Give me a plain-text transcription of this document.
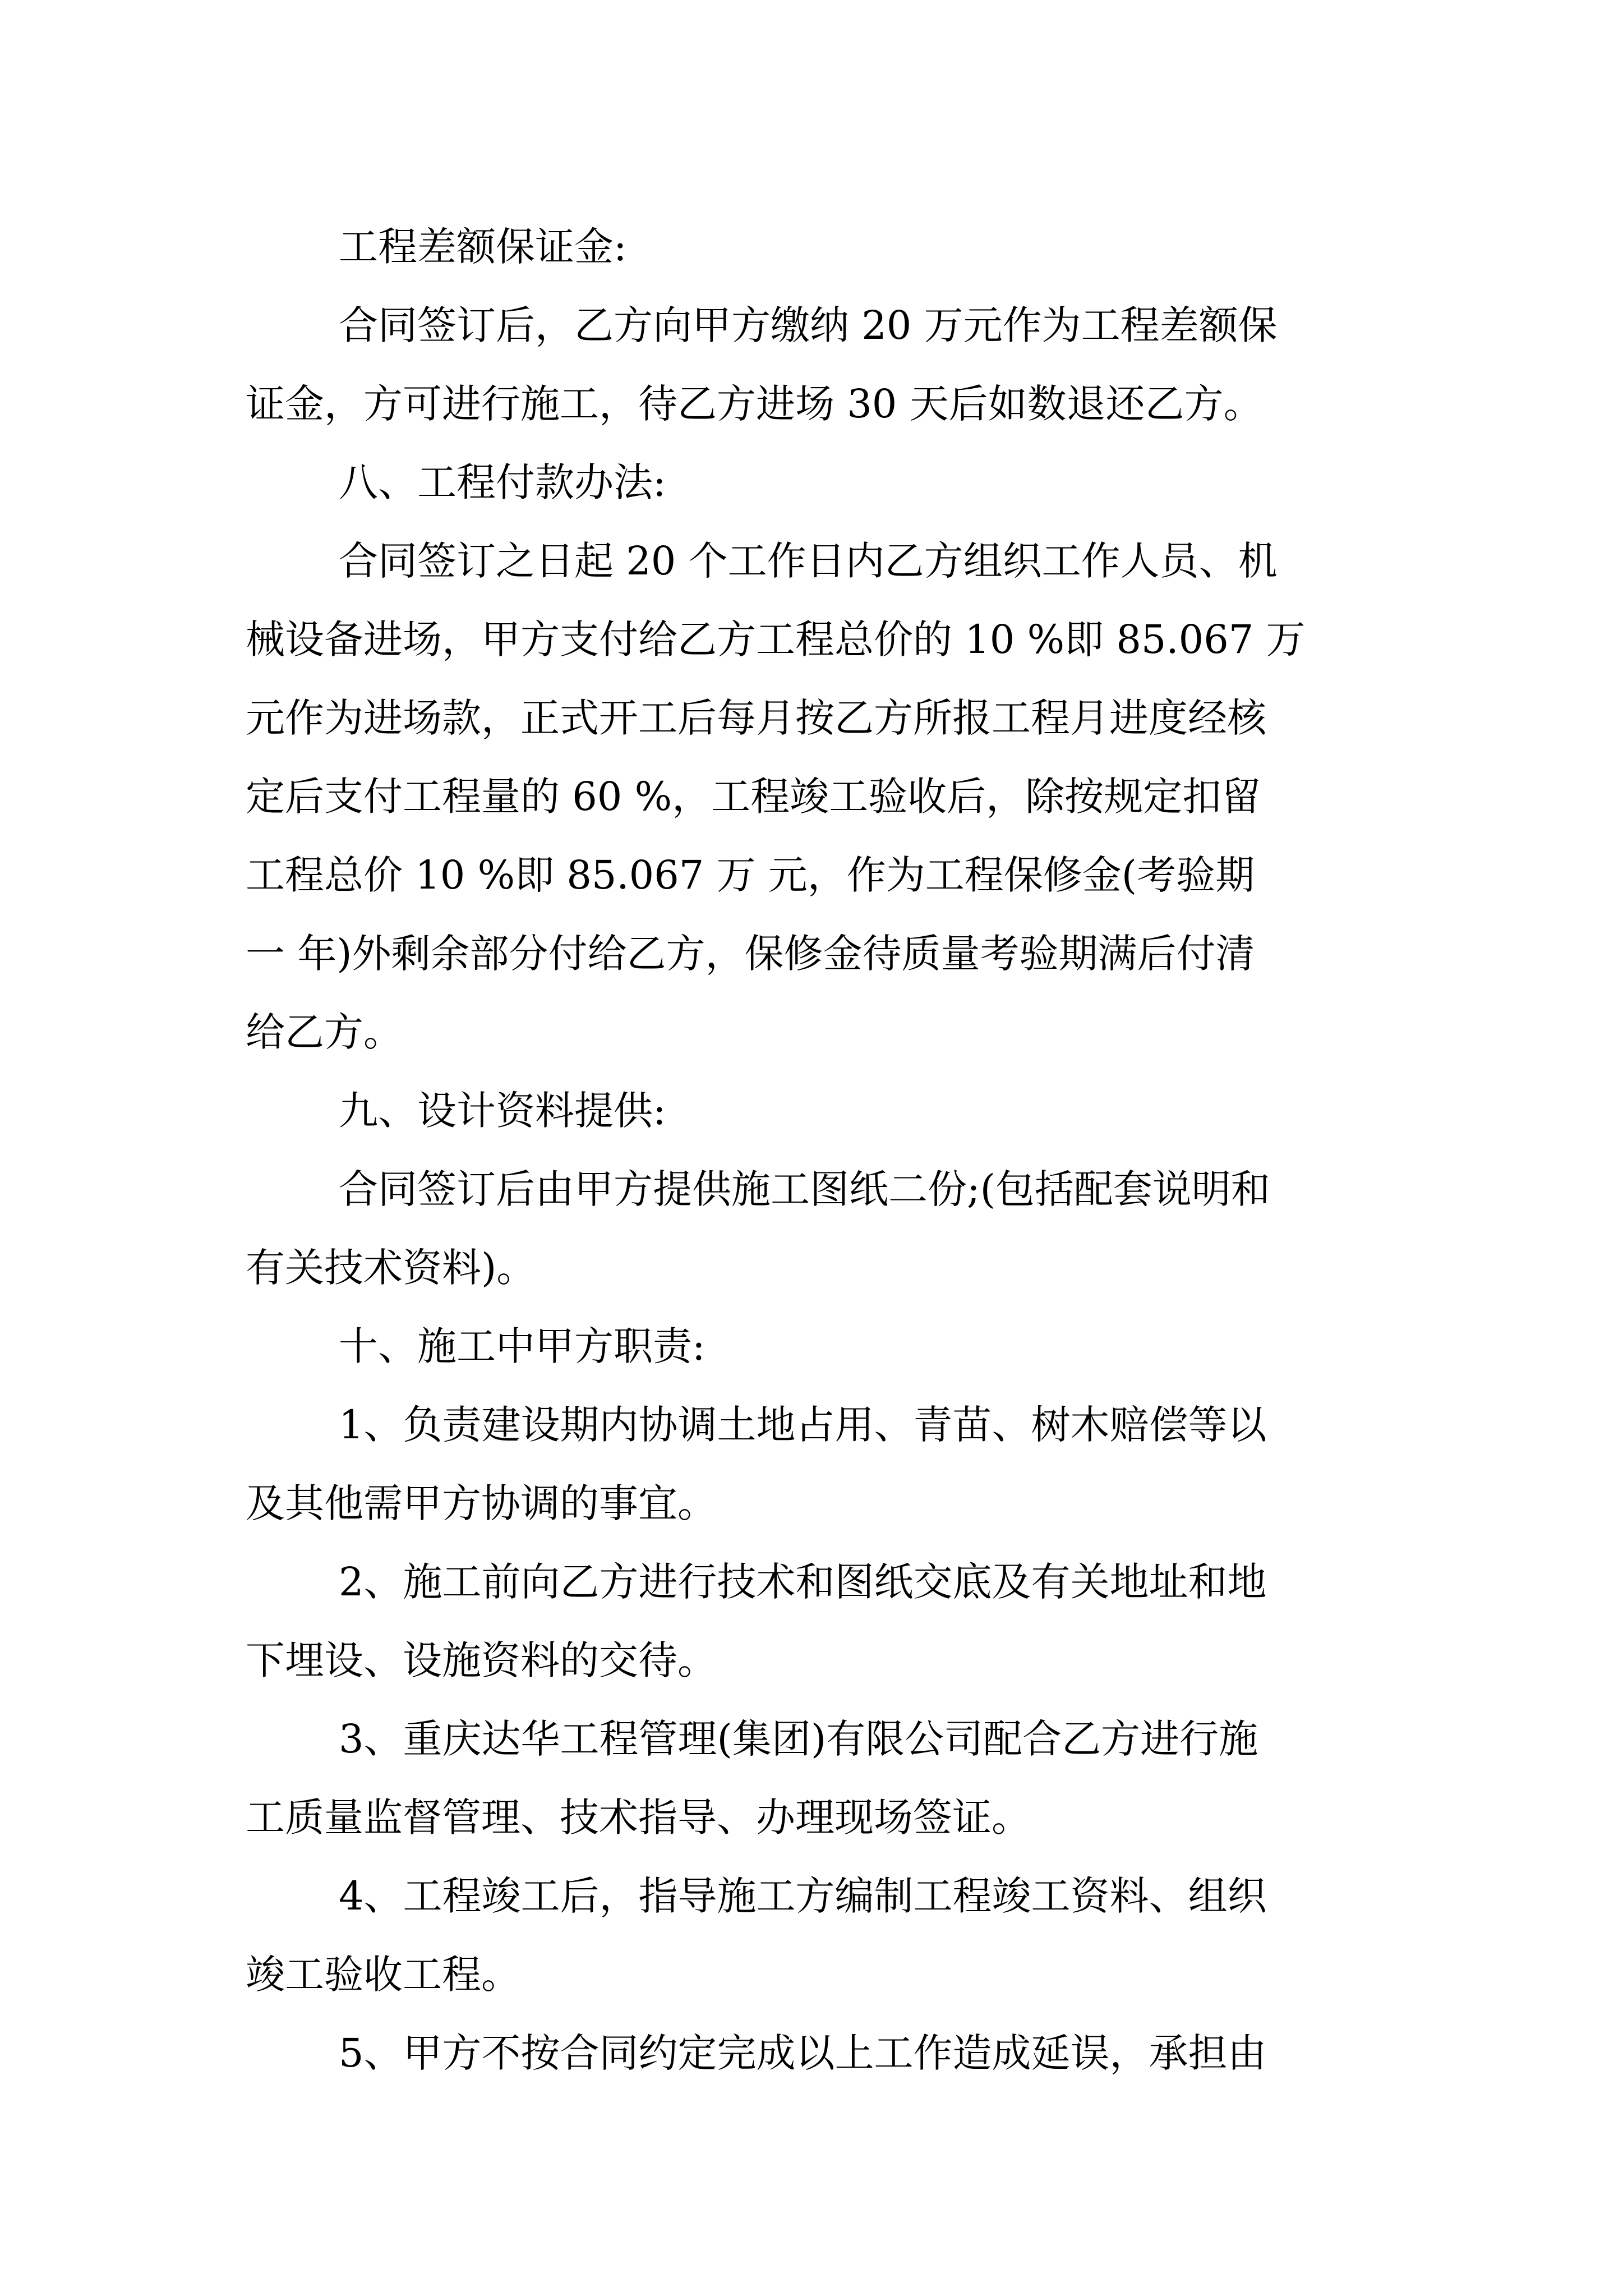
工程差额保证金:
合同签订后，乙方向甲方缴纳 20 万元作为工程差额保
证金，方可进行施工，待乙方进场 30 天后如数退还乙方。
八、工程付款办法:
合同签订之日起 20 个工作日内乙方组织工作人员、机
械设备进场，甲方支付给乙方工程总价的 10 %即 85.067 万
元作为进场款，正式开工后每月按乙方所报工程月进度经核
定后支付工程量的 60 %，工程竣工验收后，除按规定扣留
工程总价 10 %即 85.067 万 元，作为工程保修金(考验期
一 年)外剩余部分付给乙方，保修金待质量考验期满后付清
给乙方。
九、设计资料提供:
合同签订后由甲方提供施工图纸二份;(包括配套说明和
有关技术资料)。
十、施工中甲方职责:
1、负责建设期内协调土地占用、青苗、树木赔偿等以
及其他需甲方协调的事宜。
2、施工前向乙方进行技术和图纸交底及有关地址和地
下埋设、设施资料的交待。
3、重庆达华工程管理(集团)有限公司配合乙方进行施
工质量监督管理、技术指导、办理现场签证。
4、工程竣工后，指导施工方编制工程竣工资料、组织
竣工验收工程。
5、甲方不按合同约定完成以上工作造成延误，承担由
